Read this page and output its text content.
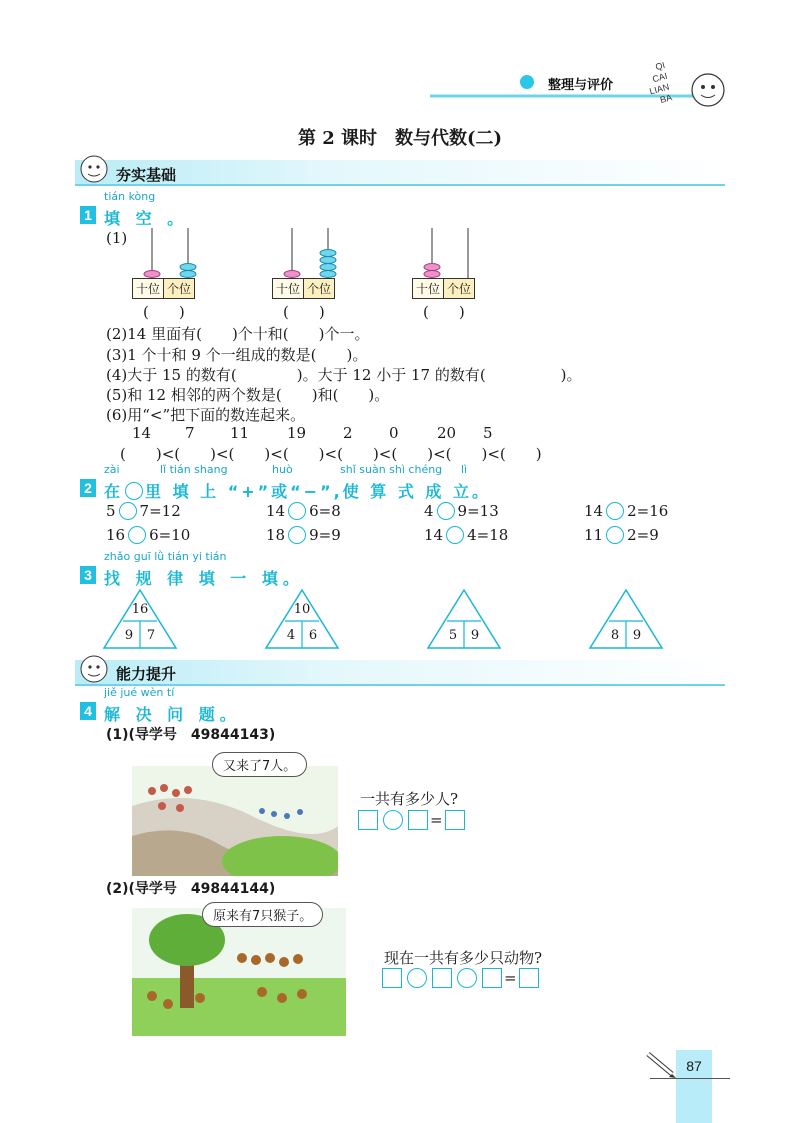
整理与评价
QI
CAI
LIAN
BA
第 2 课时　数与代数(二)
夯实基础
tián kòng
1 填 空 。
(1)
十位 个位
(　　)
十位 个位
(　　)
十位 个位
(　　)
(2)14 里面有(　　)个十和(　　)个一。
(3)1 个十和 9 个一组成的数是(　　)。
(4)大于 15 的数有(　　　　)。大于 12 小于 17 的数有(　　　　　)。
(5)和 12 相邻的两个数是(　　)和(　　)。
(6)用“<”把下面的数连起来。
14	7	11	19	2	0	20	5
(　　)<(　　)<(　　)<(　　)<(　　)<(　　)<(　　)<(　　)
zài	lǐ tián shang	huò	shǐ suàn shì chéng lì
2 在 里 填 上 “+”或“−”,使 算 式 成 立。
5 7 =12	14 6 =8	4 9 =13	14 2 =16
16 6 =10	18 9 =9	14 4 =18	11 2 =9
zhǎo guī lǜ tián yi tián
3 找 规 律 填 一 填。
16
9	7
10
4	6	5	9	8	9
能力提升
jiě jué wèn tí
4 解 决 问 题。
(1)(导学号　49844143)
又来了7人。
一共有多少人?
=
(2)(导学号　49844144)
原来有7只猴子。
现在一共有多少只动物?
=
87
